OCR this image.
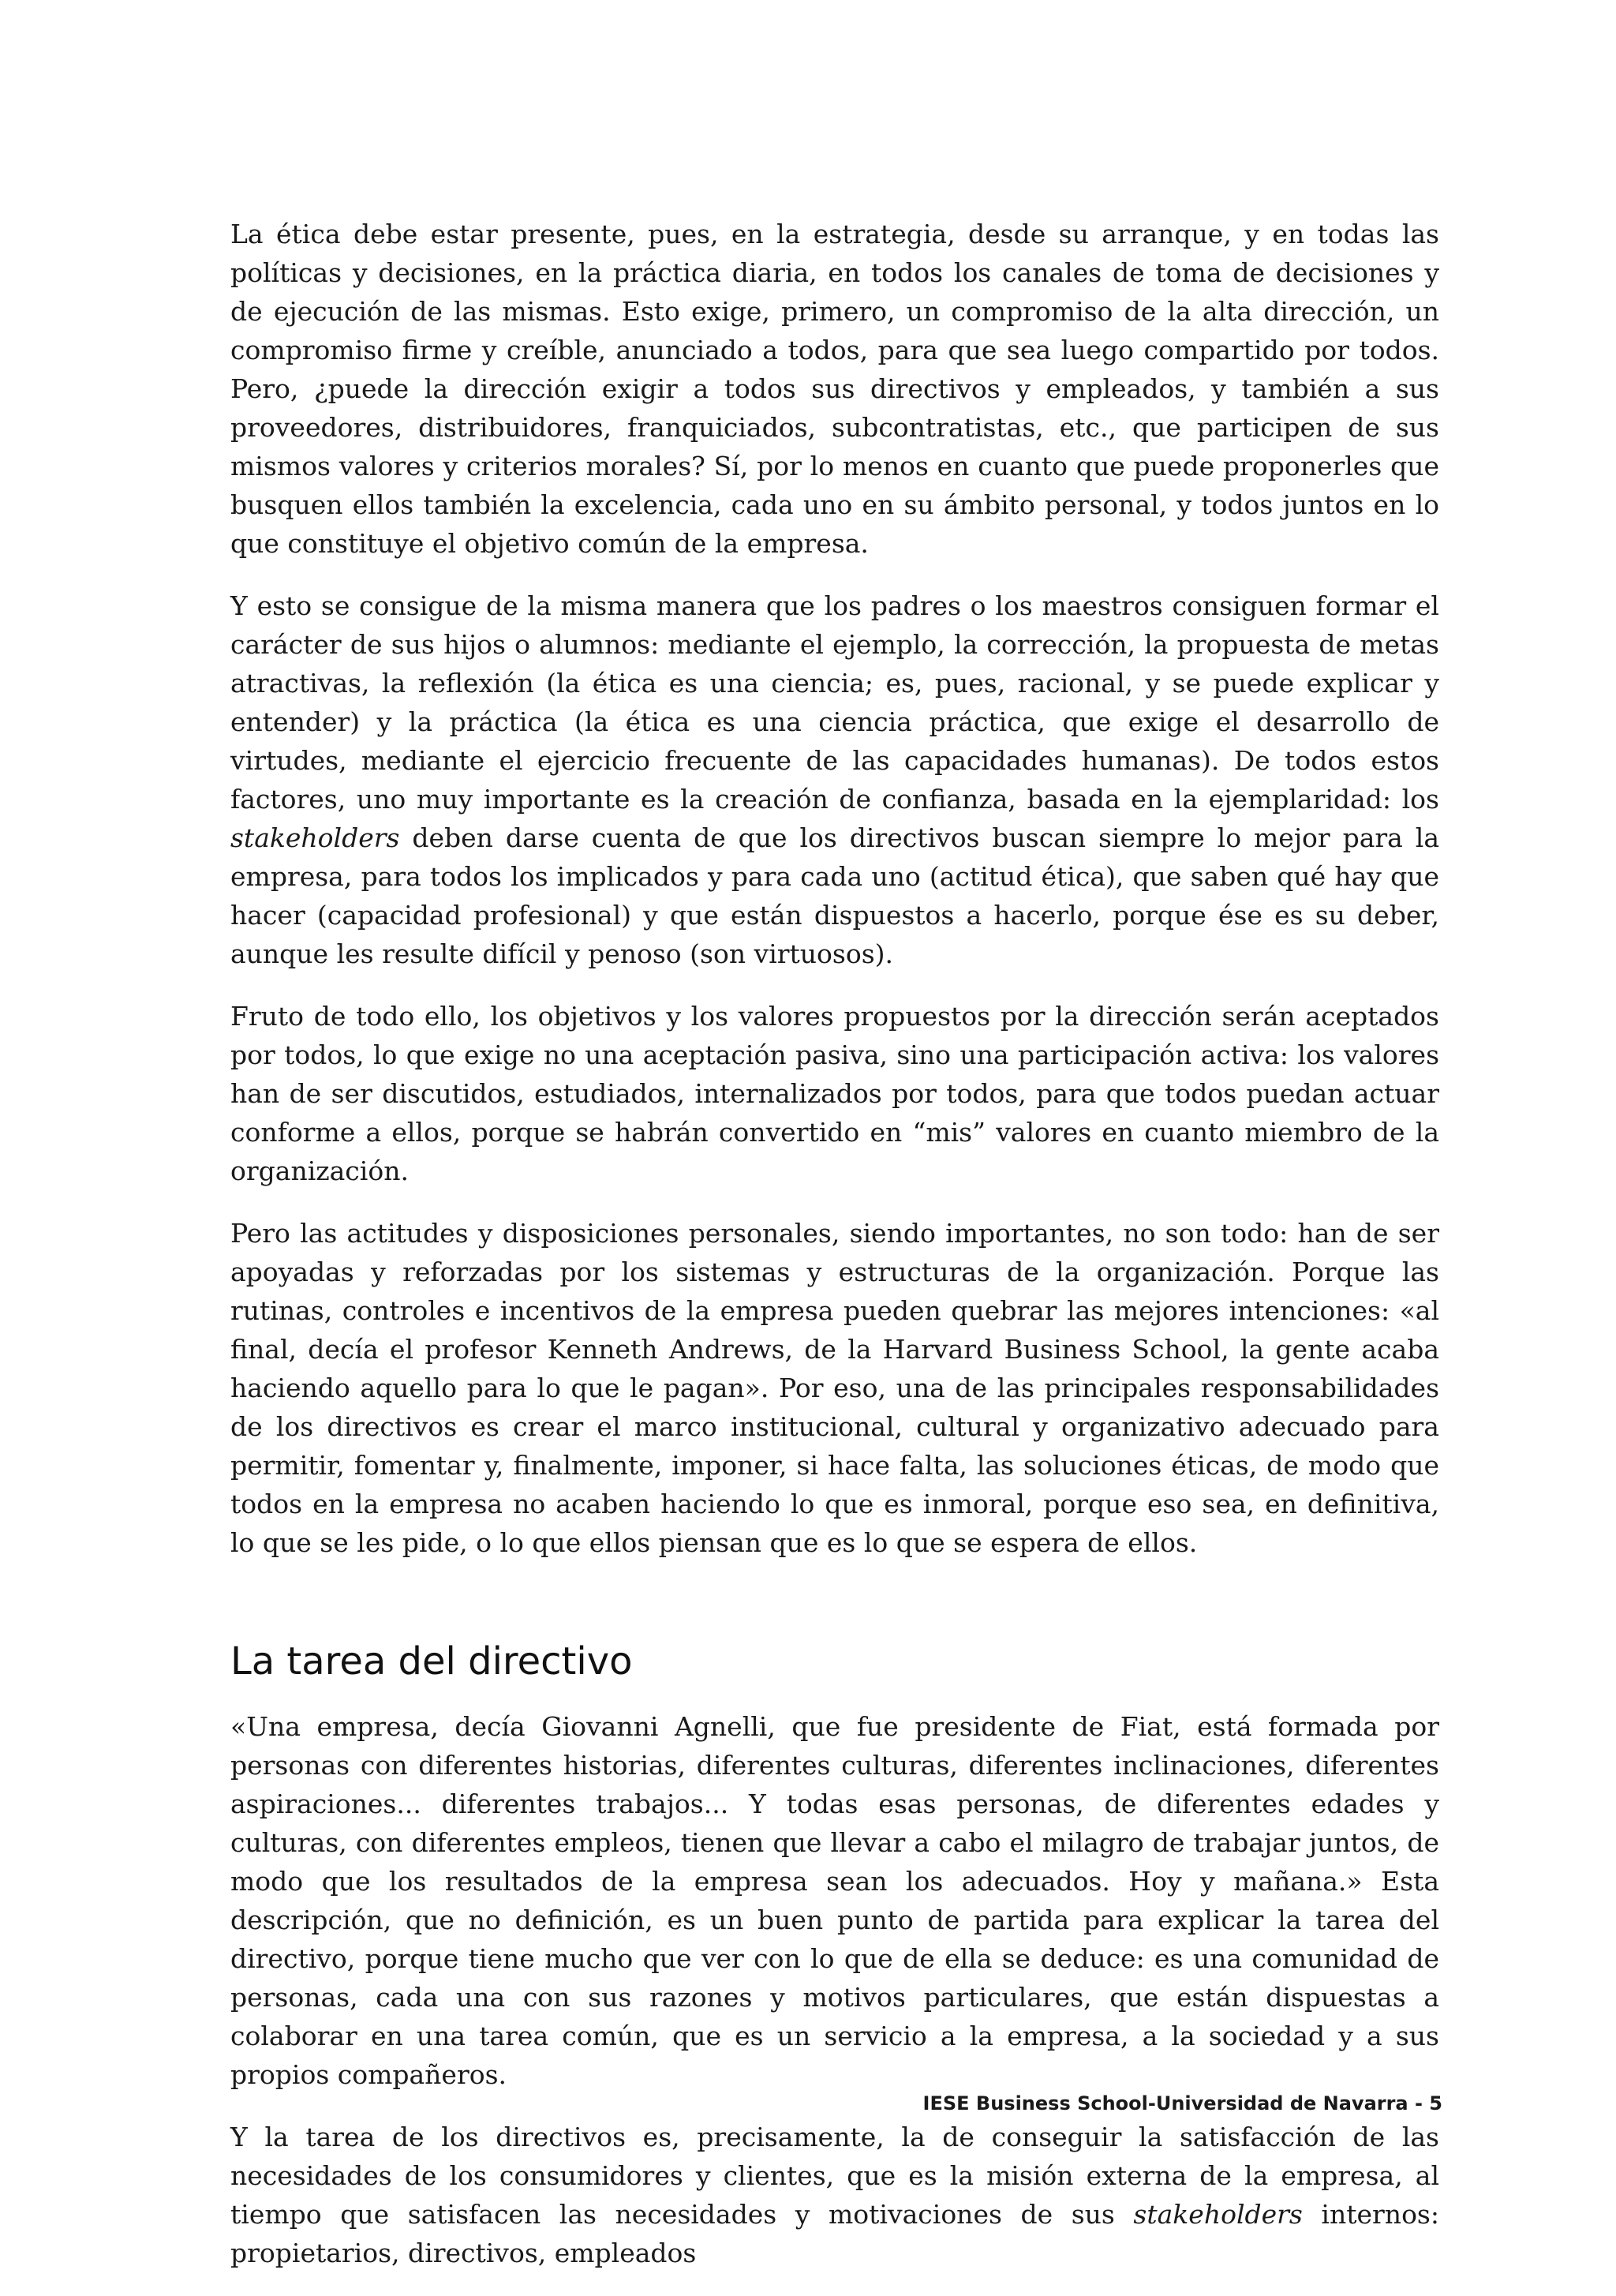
La ética debe estar presente, pues, en la estrategia, desde su arranque, y en todas las políticas y decisiones, en la práctica diaria, en todos los canales de toma de decisiones y de ejecución de las mismas. Esto exige, primero, un compromiso de la alta dirección, un compromiso firme y creíble, anunciado a todos, para que sea luego compartido por todos. Pero, ¿puede la dirección exigir a todos sus directivos y empleados, y también a sus proveedores, distribuidores, franquiciados, subcontratistas, etc., que participen de sus mismos valores y criterios morales? Sí, por lo menos en cuanto que puede proponerles que busquen ellos también la excelencia, cada uno en su ámbito personal, y todos juntos en lo que constituye el objetivo común de la empresa.

Y esto se consigue de la misma manera que los padres o los maestros consiguen formar el carácter de sus hijos o alumnos: mediante el ejemplo, la corrección, la propuesta de metas atractivas, la reflexión (la ética es una ciencia; es, pues, racional, y se puede explicar y entender) y la práctica (la ética es una ciencia práctica, que exige el desarrollo de virtudes, mediante el ejercicio frecuente de las capacidades humanas). De todos estos factores, uno muy importante es la creación de confianza, basada en la ejemplaridad: los stakeholders deben darse cuenta de que los directivos buscan siempre lo mejor para la empresa, para todos los implicados y para cada uno (actitud ética), que saben qué hay que hacer (capacidad profesional) y que están dispuestos a hacerlo, porque ése es su deber, aunque les resulte difícil y penoso (son virtuosos).

Fruto de todo ello, los objetivos y los valores propuestos por la dirección serán aceptados por todos, lo que exige no una aceptación pasiva, sino una participación activa: los valores han de ser discutidos, estudiados, internalizados por todos, para que todos puedan actuar conforme a ellos, porque se habrán convertido en “mis” valores en cuanto miembro de la organización.

Pero las actitudes y disposiciones personales, siendo importantes, no son todo: han de ser apoyadas y reforzadas por los sistemas y estructuras de la organización. Porque las rutinas, controles e incentivos de la empresa pueden quebrar las mejores intenciones: «al final, decía el profesor Kenneth Andrews, de la Harvard Business School, la gente acaba haciendo aquello para lo que le pagan». Por eso, una de las principales responsabilidades de los directivos es crear el marco institucional, cultural y organizativo adecuado para permitir, fomentar y, finalmente, imponer, si hace falta, las soluciones éticas, de modo que todos en la empresa no acaben haciendo lo que es inmoral, porque eso sea, en definitiva, lo que se les pide, o lo que ellos piensan que es lo que se espera de ellos.

La tarea del directivo

«Una empresa, decía Giovanni Agnelli, que fue presidente de Fiat, está formada por personas con diferentes historias, diferentes culturas, diferentes inclinaciones, diferentes aspiraciones... diferentes trabajos... Y todas esas personas, de diferentes edades y culturas, con diferentes empleos, tienen que llevar a cabo el milagro de trabajar juntos, de modo que los resultados de la empresa sean los adecuados. Hoy y mañana.» Esta descripción, que no definición, es un buen punto de partida para explicar la tarea del directivo, porque tiene mucho que ver con lo que de ella se deduce: es una comunidad de personas, cada una con sus razones y motivos particulares, que están dispuestas a colaborar en una tarea común, que es un servicio a la empresa, a la sociedad y a sus propios compañeros.

Y la tarea de los directivos es, precisamente, la de conseguir la satisfacción de las necesidades de los consumidores y clientes, que es la misión externa de la empresa, al tiempo que satisfacen las necesidades y motivaciones de sus stakeholders internos: propietarios, directivos, empleados

IESE Business School-Universidad de Navarra - 5
